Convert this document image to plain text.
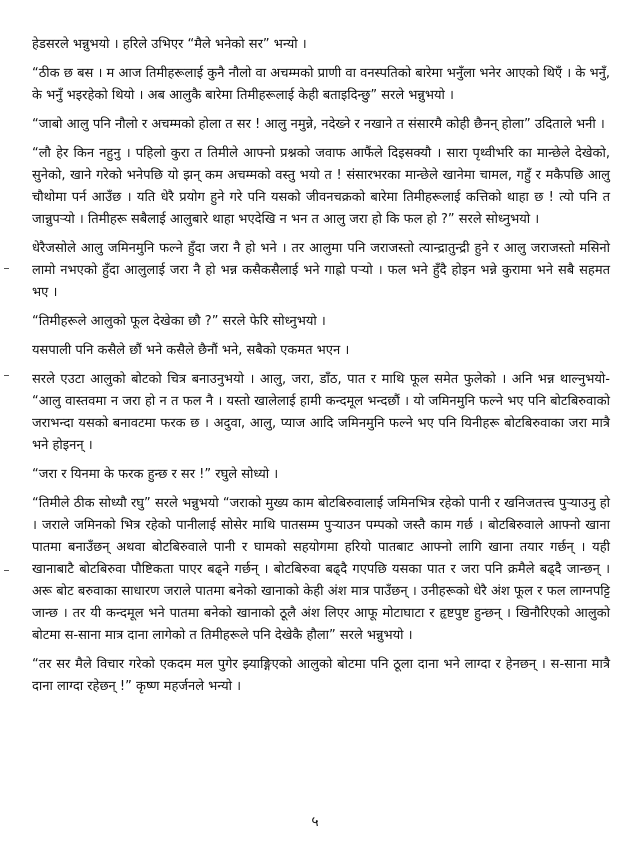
हेडसरले भन्नुभयो । हरिले उभिएर “मैले भनेको सर” भन्यो ।

“ठीक छ बस । म आज तिमीहरूलाई कुनै नौलो वा अचम्मको प्राणी वा वनस्पतिको बारेमा भनुँला भनेर आएको थिएँ । के भनुँ, के भनुँ भइरहेको थियो । अब आलुकै बारेमा तिमीहरूलाई केही बताइदिन्छु” सरले भन्नुभयो ।

“जाबो आलु पनि नौलो र अचम्मको होला त सर ! आलु नमुन्ने, नदेख्ने र नखाने त संसारमै कोही छैनन् होला” उदिताले भनी ।

“लौ हेर किन नहुनु । पहिलो कुरा त तिमीले आफ्नो प्रश्नको जवाफ आफैंले दिइसक्यौ । सारा पृथ्वीभरि का मान्छेले देखेको, सुनेको, खाने गरेको भनेपछि यो झन् कम अचम्मको वस्तु भयो त ! संसारभरका मान्छेले खानेमा चामल, गहुँ र मकैपछि आलु चौथोमा पर्न आउँछ । यति धेरै प्रयोग हुने गरे पनि यसको जीवनचक्रको बारेमा तिमीहरूलाई कत्तिको थाहा छ ! त्यो पनि त जान्नुपर्‍यो । तिमीहरू सबैलाई आलुबारे थाहा भएदेखि न भन त आलु जरा हो कि फल हो ?” सरले सोध्नुभयो ।

धेरैजसोले आलु जमिनमुनि फल्ने हुँदा जरा नै हो भने । तर आलुमा पनि जराजस्तो त्यान्द्रातुन्द्री हुने र आलु जराजस्तो मसिनो लामो नभएको हुँदा आलुलाई जरा नै हो भन्न कसैकसैलाई भने गाह्रो पर्‍यो । फल भने हुँदै होइन भन्ने कुरामा भने सबै सहमत भए ।

“तिमीहरूले आलुको फूल देखेका छौ ?” सरले फेरि सोध्नुभयो ।

यसपाली पनि कसैले छौं भने कसैले छैनौं भने, सबैको एकमत भएन ।

सरले एउटा आलुको बोटको चित्र बनाउनुभयो । आलु, जरा, डाँठ, पात र माथि फूल समेत फुलेको । अनि भन्न थाल्नुभयो- “आलु वास्तवमा न जरा हो न त फल नै । यस्तो खालेलाई हामी कन्दमूल भन्दछौं । यो जमिनमुनि फल्ने भए पनि बोटबिरुवाको जराभन्दा यसको बनावटमा फरक छ । अदुवा, आलु, प्याज आदि जमिनमुनि फल्ने भए पनि यिनीहरू बोटबिरुवाका जरा मात्रै भने होइनन् ।

“जरा र यिनमा के फरक हुन्छ र सर !” रघुले सोध्यो ।

“तिमीले ठीक सोध्यौ रघु” सरले भन्नुभयो “जराको मुख्य काम बोटबिरुवालाई जमिनभित्र रहेको पानी र खनिजतत्त्व पुऱ्याउनु हो । जराले जमिनको भित्र रहेको पानीलाई सोसेर माथि पातसम्म पुऱ्याउन पम्पको जस्तै काम गर्छ । बोटबिरुवाले आफ्नो खाना पातमा बनाउँछन् अथवा बोटबिरुवाले पानी र घामको सहयोगमा हरियो पातबाट आफ्नो लागि खाना तयार गर्छन् । यही खानाबाटै बोटबिरुवा पौष्टिकता पाएर बढ्ने गर्छन् । बोटबिरुवा बढ्दै गएपछि यसका पात र जरा पनि क्रमैले बढ्दै जान्छन् । अरू बोट बरुवाका साधारण जराले पातमा बनेको खानाको केही अंश मात्र पाउँछन् । उनीहरूको धेरै अंश फूल र फल लाग्नपट्टि जान्छ । तर यी कन्दमूल भने पातमा बनेको खानाको ठूलै अंश लिएर आफू मोटाघाटा र हृष्टपुष्ट हुन्छन् । खिनौरिएको आलुको बोटमा स-साना मात्र दाना लागेको त तिमीहरूले पनि देखेकै हौला” सरले भन्नुभयो ।

“तर सर मैले विचार गरेको एकदम मल पुगेर झ्याङ्गिएको आलुको बोटमा पनि ठूला दाना भने लाग्दा र हेनछन् । स-साना मात्रै दाना लाग्दा रहेछन् !” कृष्ण महर्जनले भन्यो ।

५
